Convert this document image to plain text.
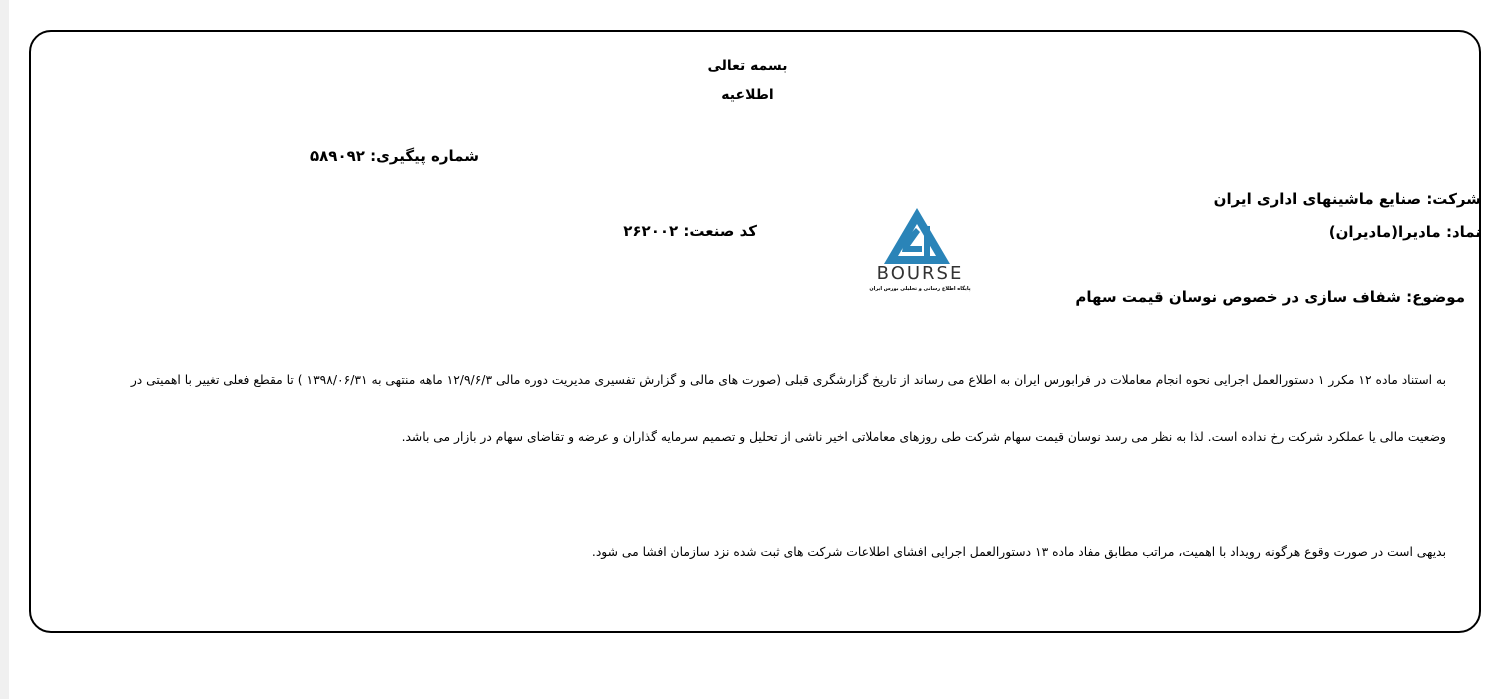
بسمه تعالی
اطلاعیه
شماره پیگیری: ۵۸۹۰۹۲
شرکت: صنایع ماشینهای اداری ایران
نماد: مادیرا(مادیران)
کد صنعت: ۲۶۲۰۰۲
موضوع: شفاف سازی در خصوص نوسان قیمت سهام
BOURSE
پایگاه اطلاع رسانی و تحلیلی بورس ایران
به استناد ماده ۱۲ مکرر ۱ دستورالعمل اجرایی نحوه انجام معاملات در فرابورس ایران به اطلاع می رساند از تاریخ گزارشگری قبلی (صورت های مالی و گزارش تفسیری مدیریت دوره مالی ۱۲/۹/۶/۳ ماهه منتهی به ۱۳۹۸/۰۶/۳۱ ) تا مقطع فعلی تغییر با اهمیتی در
وضعیت مالی یا عملکرد شرکت رخ نداده است. لذا به نظر می رسد نوسان قیمت سهام شرکت طی روزهای معاملاتی اخیر ناشی از تحلیل و تصمیم سرمایه گذاران و عرضه و تقاضای سهام در بازار می باشد.
بدیهی است در صورت وقوع هرگونه رویداد با اهمیت، مراتب مطابق مفاد ماده ۱۳ دستورالعمل اجرایی افشای اطلاعات شرکت های ثبت شده نزد سازمان افشا می شود.
